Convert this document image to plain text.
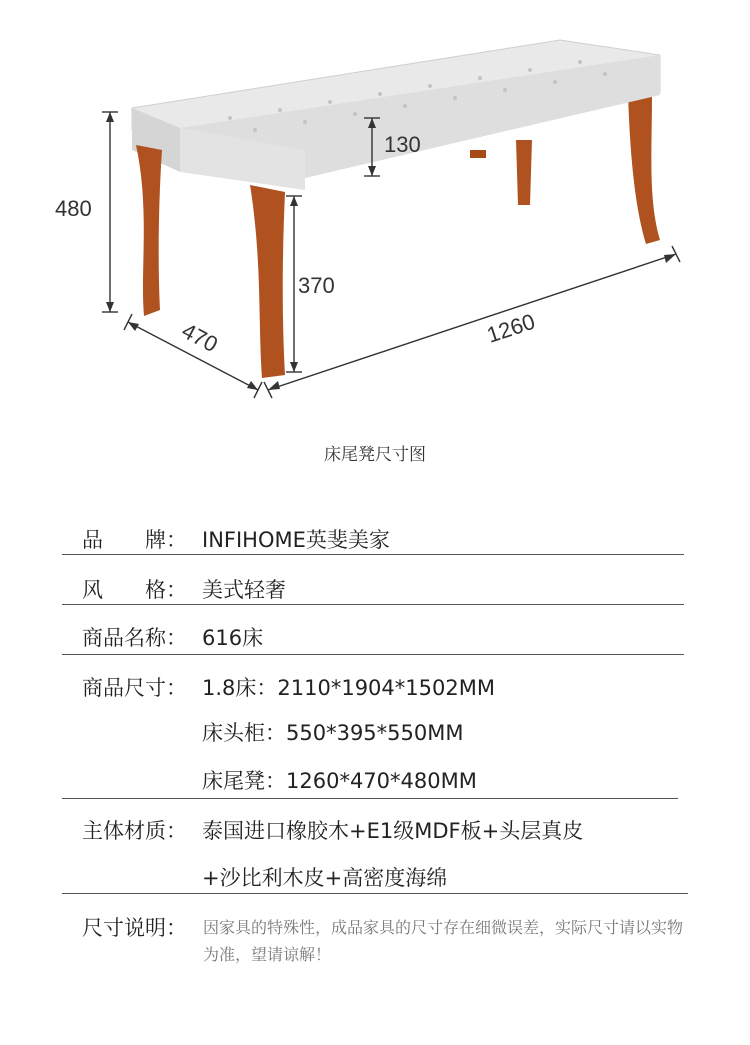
480
130
370
470	1260
床尾凳尺寸图
品　　牌： INFIHOME英斐美家
风　　格： 美式轻奢
商品名称： 616床
商品尺寸： 1.8床：2110*1904*1502MM
床头柜：550*395*550MM
床尾凳：1260*470*480MM
主体材质： 泰国进口橡胶木+E1级MDF板+头层真皮
+沙比利木皮+高密度海绵
尺寸说明： 因家具的特殊性，成品家具的尺寸存在细微误差，实际尺寸请以实物为准，望请谅解！
